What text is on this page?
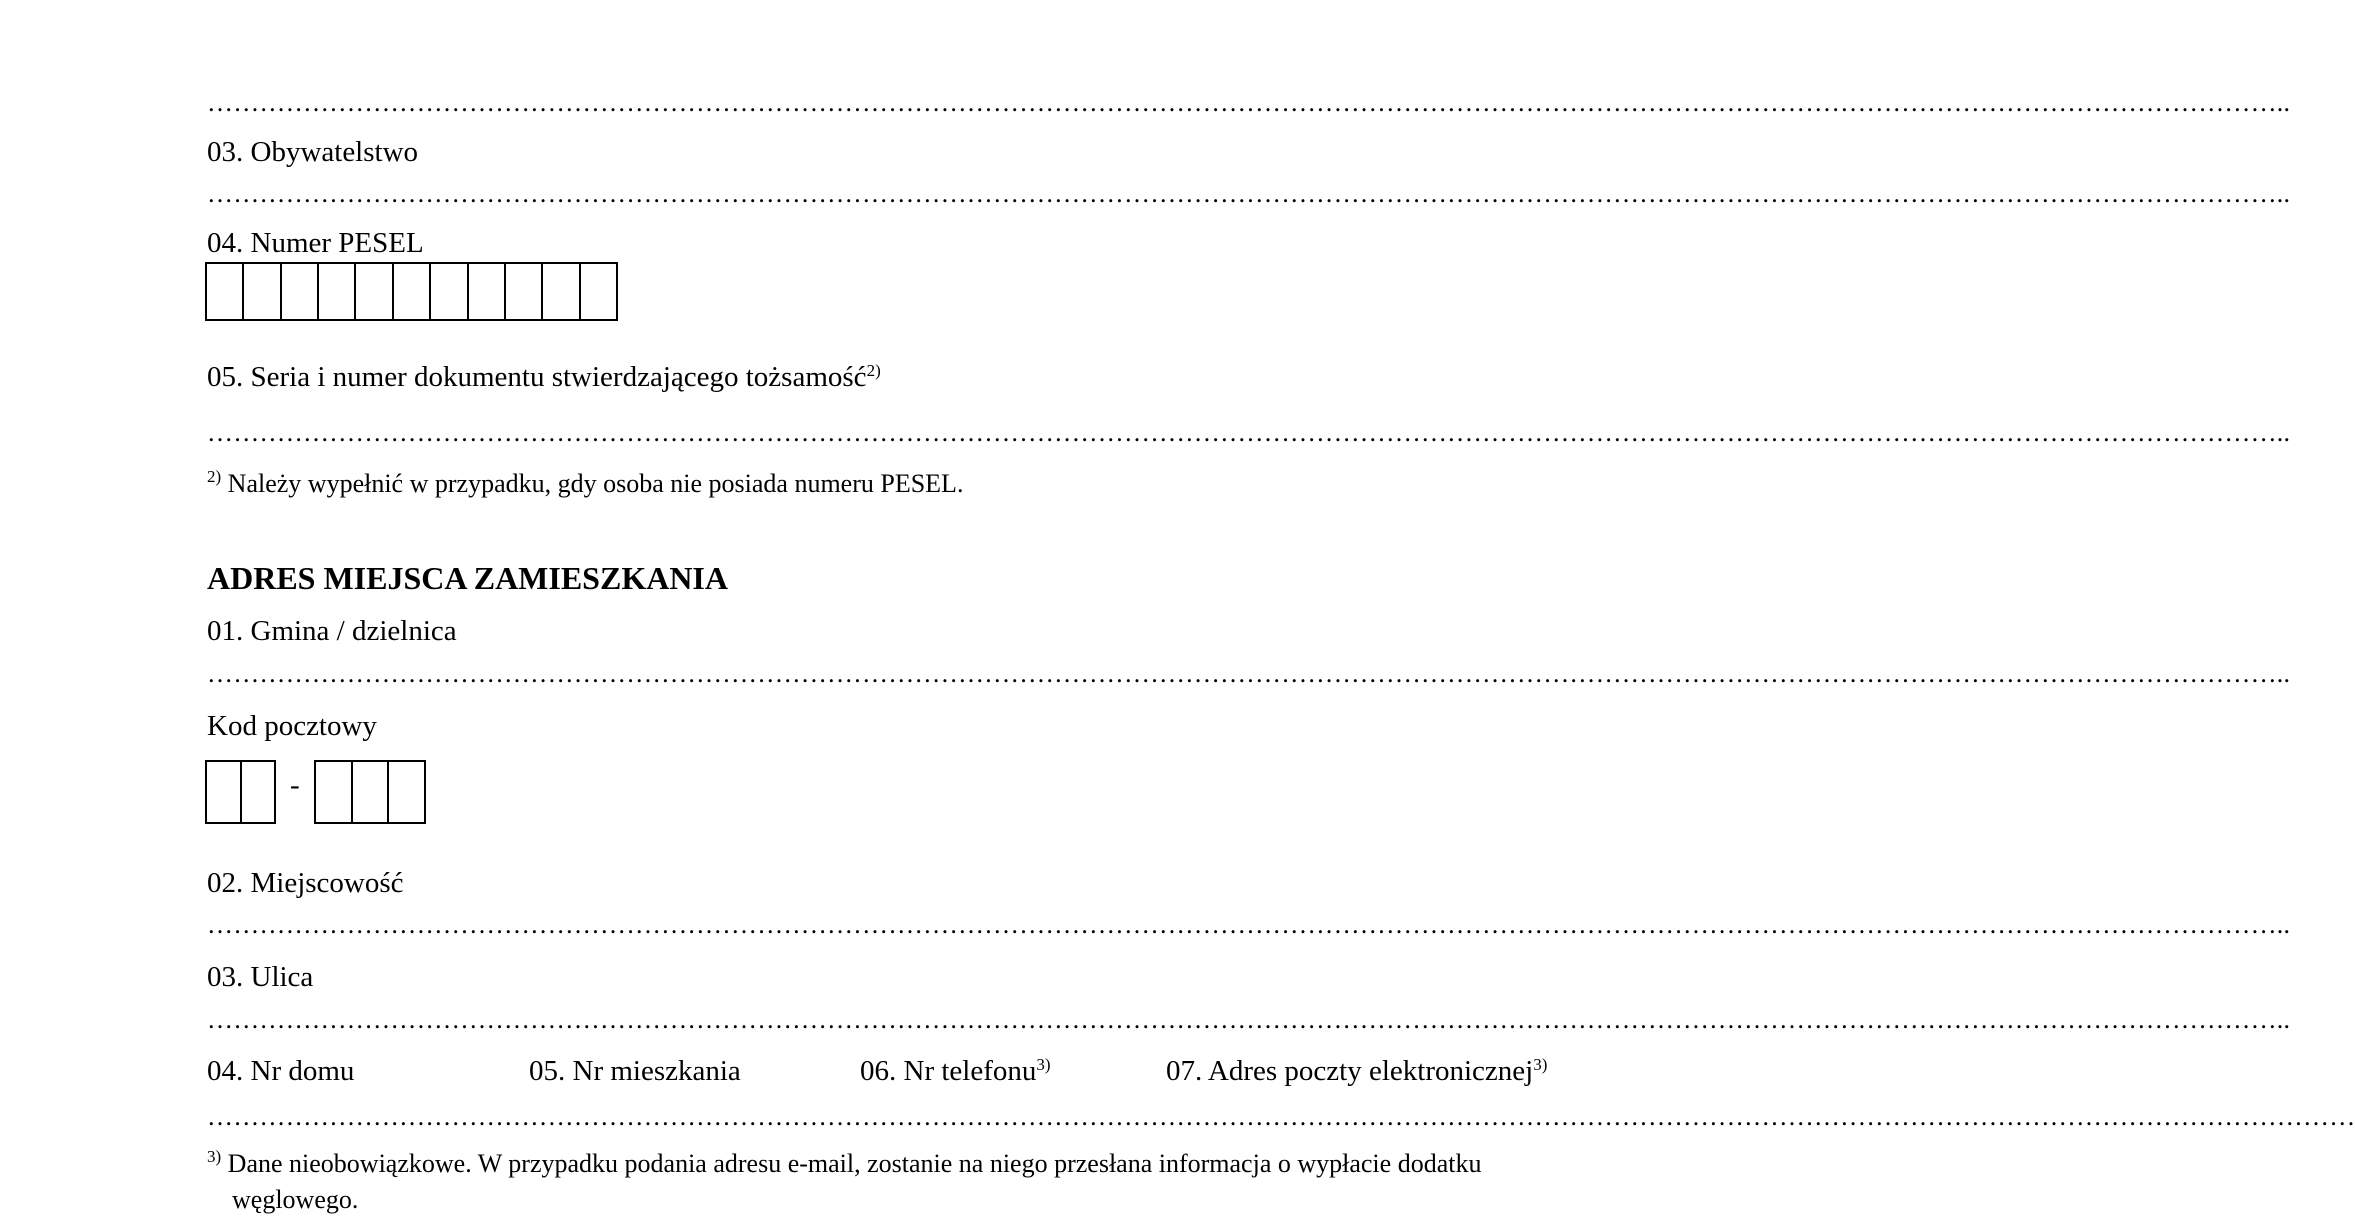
…………………………………………………………………………………………………………………………………………………………………………………………………………………..
03. Obywatelstwo
…………………………………………………………………………………………………………………………………………………………………………………………………………………..
04. Numer PESEL
05. Seria i numer dokumentu stwierdzającego tożsamość$^{2)}$
…………………………………………………………………………………………………………………………………………………………………………………………………………………..
$^{2)}$ Należy wypełnić w przypadku, gdy osoba nie posiada numeru PESEL.
ADRES MIEJSCA ZAMIESZKANIA
01. Gmina / dzielnica
…………………………………………………………………………………………………………………………………………………………………………………………………………………..
Kod pocztowy
-
02. Miejscowość
…………………………………………………………………………………………………………………………………………………………………………………………………………………..
03. Ulica
…………………………………………………………………………………………………………………………………………………………………………………………………………………..
04. Nr domu	05. Nr mieszkania	06. Nr telefonu$^{3)}$	07. Adres poczty elektronicznej$^{3)}$
…………………………………………………………………………………………………………………………………………………………………………………………………………………………
$^{3)}$ Dane nieobowiązkowe. W przypadku podania adresu e-mail, zostanie na niego przesłana informacja o wypłacie dodatku
węglowego.
